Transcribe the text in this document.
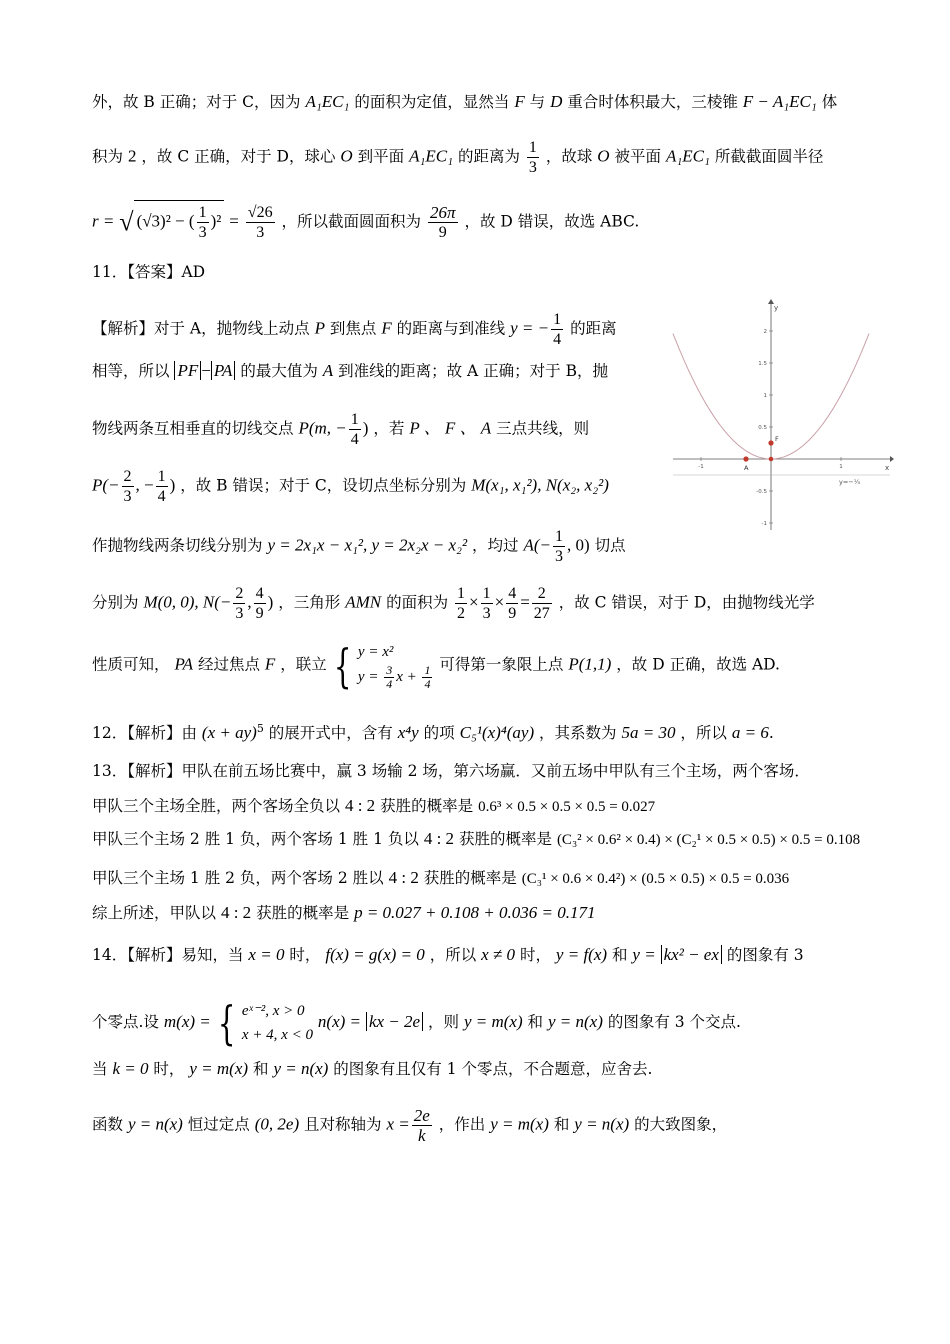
外，故 B 正确；对于 C，因为 A₁EC₁ 的面积为定值，显然当 F 与 D 重合时体积最大，三棱锥 F − A₁EC₁ 体
积为 2 ，故 C 正确，对于 D，球心 O 到平面 A₁EC₁ 的距离为 $\frac{1}{3}$ ，故球 O 被平面 A₁EC₁ 所截截面圆半径
r = √ (√3)² − ( $\frac{1}{3} )^2 = \frac{√26}{3}$ ，所以截面圆面积为 $\frac{26\pi}{9}$ ，故 D 错误，故选 ABC.
11．【答案】AD
【解析】对于 A，抛物线上动点 P 到焦点 F 的距离与到准线 y = − $\frac{1}{4}$ 的距离
相等，所以 PF − PA 的最大值为 A 到准线的距离；故 A 正确；对于 B，抛
物线两条互相垂直的切线交点 P(m, − $\frac{1}{4}$ ) ，若 P 、 F 、 A 三点共线，则
$P(- \frac{2}{3}$ , − $\frac{1}{4}$ ) ，故 B 错误；对于 C，设切点坐标分别为 M(x₁, x₁²), N(x₂, x₂²)
作抛物线两条切线分别为 y = 2x₁x − x₁², y = 2x₂x − x₂² ，均过 $A(- \frac{1}{3}$ , 0) 切点
分别为 M(0, 0), $N(- \frac{2}{3}$ , $\frac{4}{9}$ ) ，三角形 AMN 的面积为 $\frac{1}{2} \times \frac{1}{3} \times \frac{4}{9} = \frac{2}{27}$ ，故 C 错误，对于 D，由抛物线光学
性质可知， PA 经过焦点 F ，联立 { y = x²
$y = \frac{3}{4}$ $x + \frac{1}{4}$ 可得第一象限上点 P(1,1) ，故 D 正确，故选 AD.
12．【解析】由 (x + ay)$^5$ 的展开式中，含有 x⁴y 的项 C₅¹(x)⁴(ay) ，其系数为 5a = 30 ，所以 a = 6.
13．【解析】甲队在前五场比赛中，赢 3 场输 2 场，第六场赢．又前五场中甲队有三个主场，两个客场．
甲队三个主场全胜，两个客场全负以 4 : 2 获胜的概率是 0.6³ × 0.5 × 0.5 × 0.5 = 0.027
甲队三个主场 2 胜 1 负，两个客场 1 胜 1 负以 4 : 2 获胜的概率是 (C₃² × 0.6² × 0.4) × (C₂¹ × 0.5 × 0.5) × 0.5 = 0.108
甲队三个主场 1 胜 2 负，两个客场 2 胜以 4 : 2 获胜的概率是 (C₃¹ × 0.6 × 0.4²) × (0.5 × 0.5) × 0.5 = 0.036
综上所述，甲队以 4 : 2 获胜的概率是 p = 0.027 + 0.108 + 0.036 = 0.171
14．【解析】易知，当 x = 0 时， f(x) = g(x) = 0 ，所以 x ≠ 0 时， y = f(x) 和 y = kx² − ex 的图象有 3
个零点.设 m(x) = { eˣ⁻², x > 0
x + 4, x < 0
n(x) = kx − 2e ，则 y = m(x) 和 y = n(x) 的图象有 3 个交点.
当 k = 0 时， y = m(x) 和 y = n(x) 的图象有且仅有 1 个零点，不合题意，应舍去.
函数 y = n(x) 恒过定点 (0, 2e) 且对称轴为 $x = \frac{2e}{k}$ ，作出 y = m(x) 和 y = n(x) 的大致图象，
y
x
2
1.5
1
0.5
-0.5
-1
-1	1
y=−¼
A
F
